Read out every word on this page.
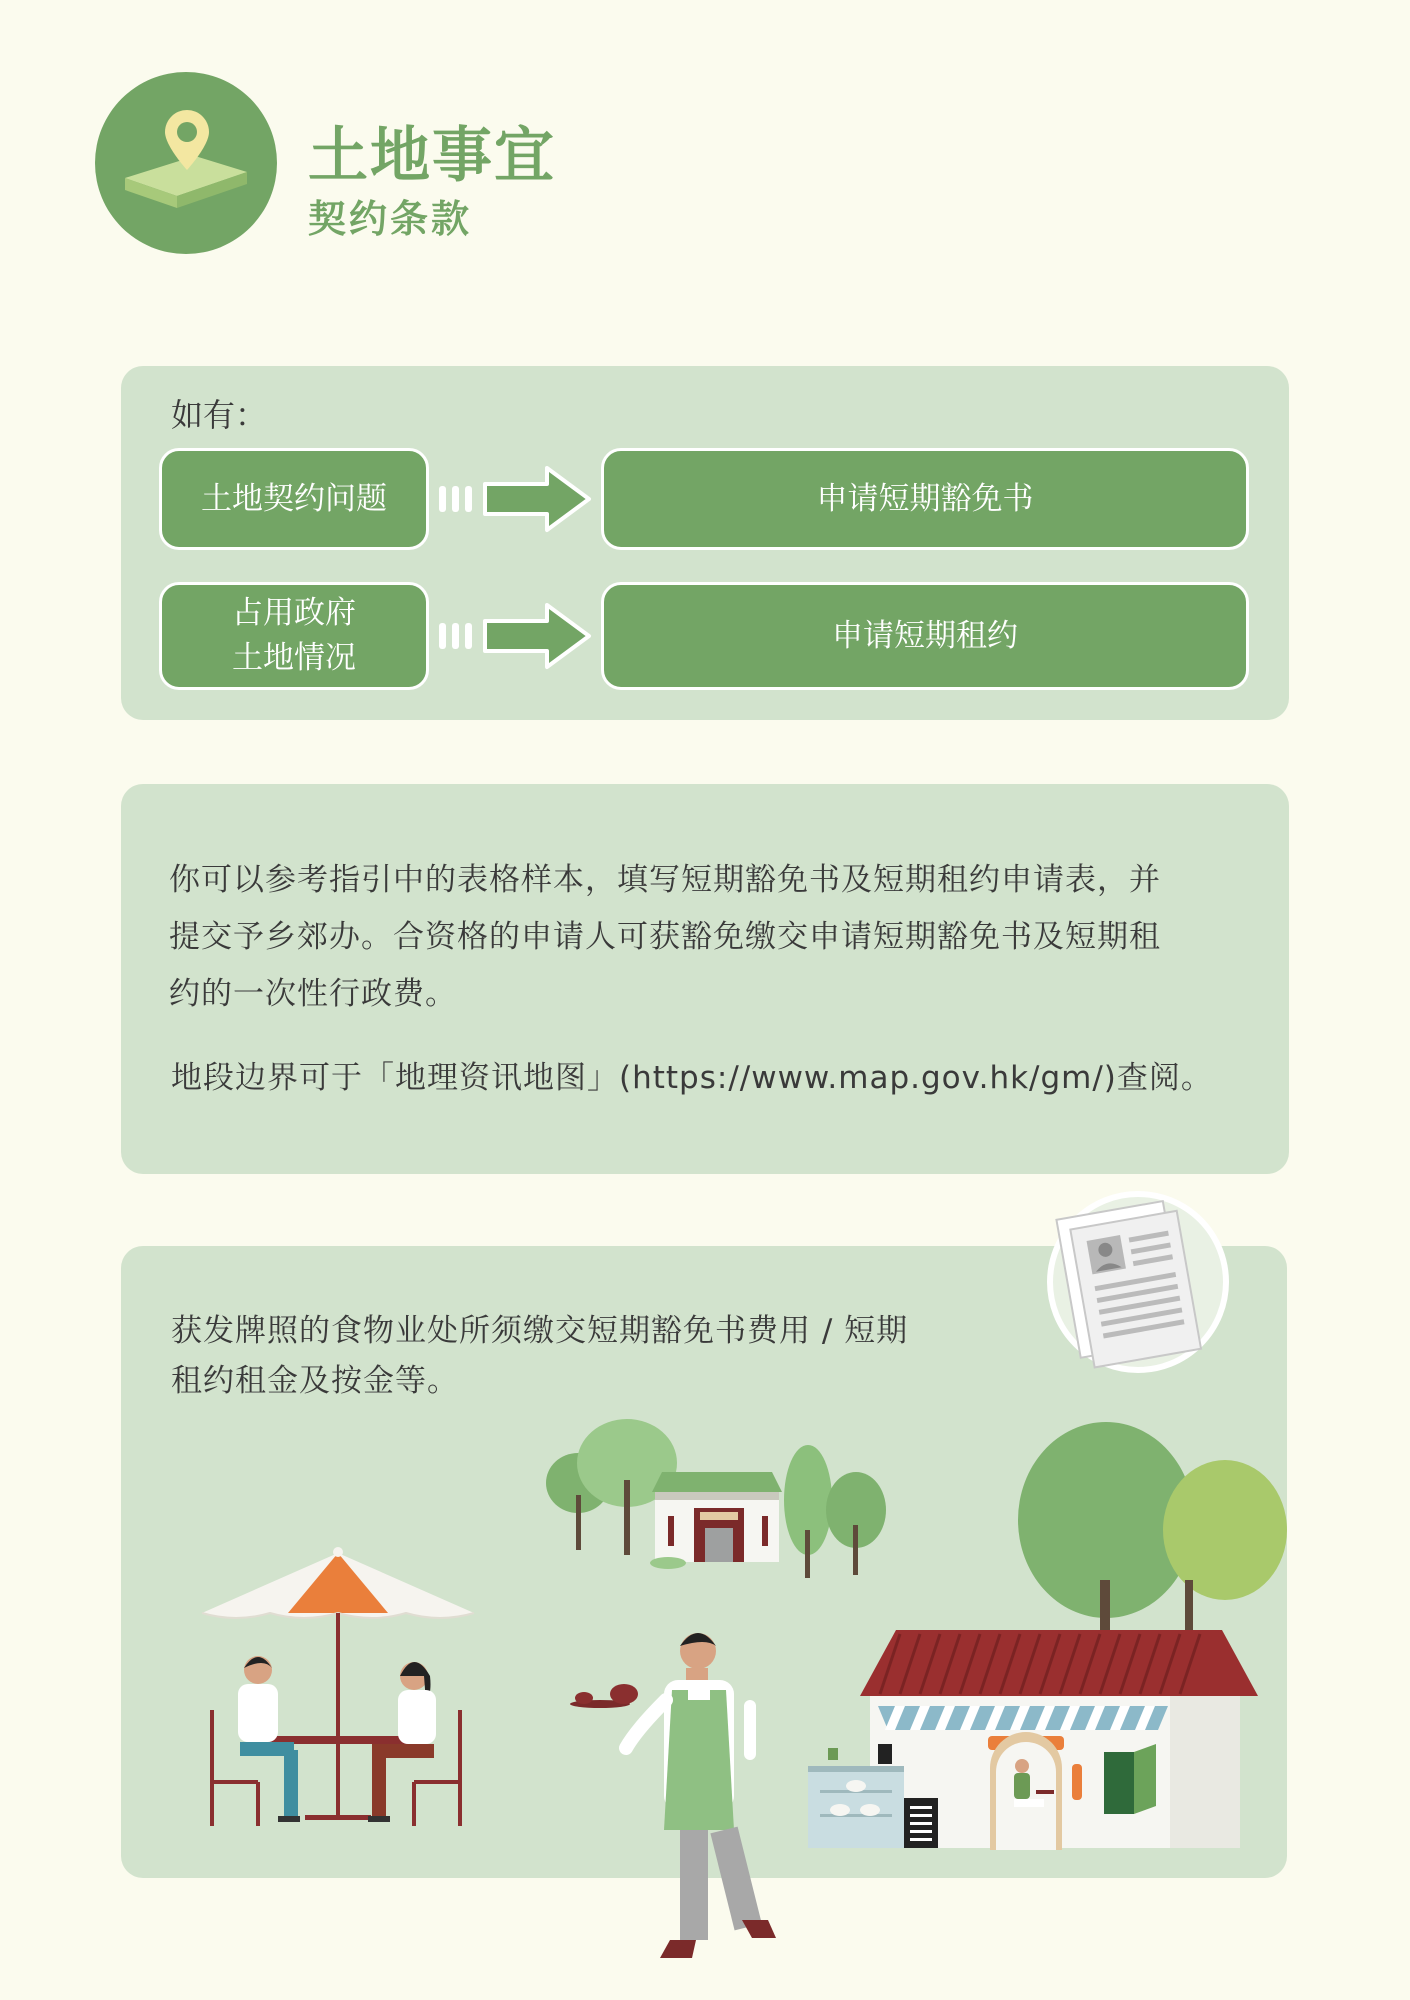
土地事宜
契约条款
如有：
土地契约问题	申请短期豁免书
占用政府
土地情况
申请短期租约
你可以参考指引中的表格样本，填写短期豁免书及短期租约申请表，并
提交予乡郊办。合资格的申请人可获豁免缴交申请短期豁免书及短期租
约的一次性行政费。
地段边界可于「地理资讯地图」(https://www.map.gov.hk/gm/)查阅。
获发牌照的食物业处所须缴交短期豁免书费用 / 短期
租约租金及按金等。
